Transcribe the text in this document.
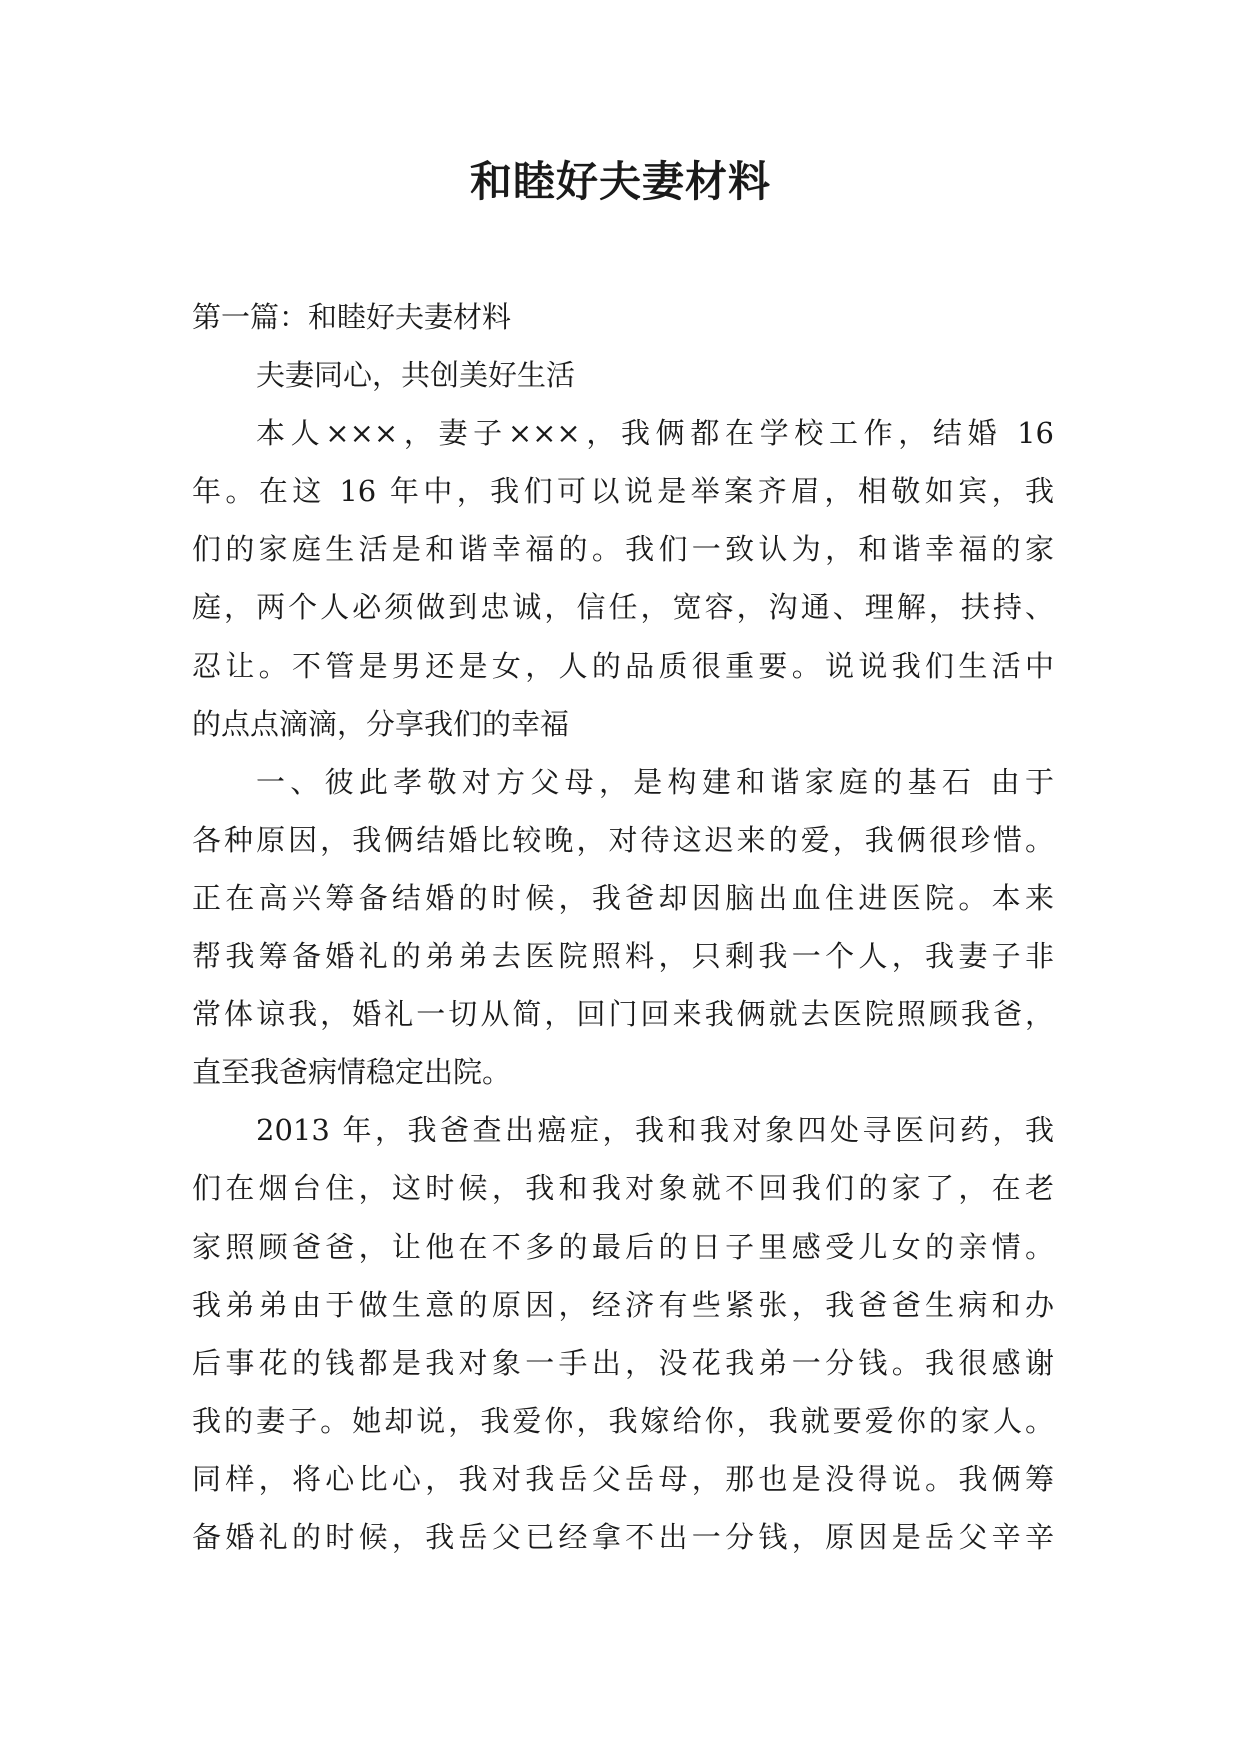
和睦好夫妻材料
第一篇：和睦好夫妻材料
夫妻同心，共创美好生活
本人×××，妻子×××，我俩都在学校工作，结婚 16
年。在这 16 年中，我们可以说是举案齐眉，相敬如宾，我
们的家庭生活是和谐幸福的。我们一致认为，和谐幸福的家
庭，两个人必须做到忠诚，信任，宽容，沟通、理解，扶持、
忍让。不管是男还是女，人的品质很重要。说说我们生活中
的点点滴滴，分享我们的幸福
一、彼此孝敬对方父母，是构建和谐家庭的基石 由于
各种原因，我俩结婚比较晚，对待这迟来的爱，我俩很珍惜。
正在高兴筹备结婚的时候，我爸却因脑出血住进医院。本来
帮我筹备婚礼的弟弟去医院照料，只剩我一个人，我妻子非
常体谅我，婚礼一切从简，回门回来我俩就去医院照顾我爸，
直至我爸病情稳定出院。
2013 年，我爸查出癌症，我和我对象四处寻医问药，我
们在烟台住，这时候，我和我对象就不回我们的家了，在老
家照顾爸爸，让他在不多的最后的日子里感受儿女的亲情。
我弟弟由于做生意的原因，经济有些紧张，我爸爸生病和办
后事花的钱都是我对象一手出，没花我弟一分钱。我很感谢
我的妻子。她却说，我爱你，我嫁给你，我就要爱你的家人。
同样，将心比心，我对我岳父岳母，那也是没得说。我俩筹
备婚礼的时候，我岳父已经拿不出一分钱，原因是岳父辛辛
